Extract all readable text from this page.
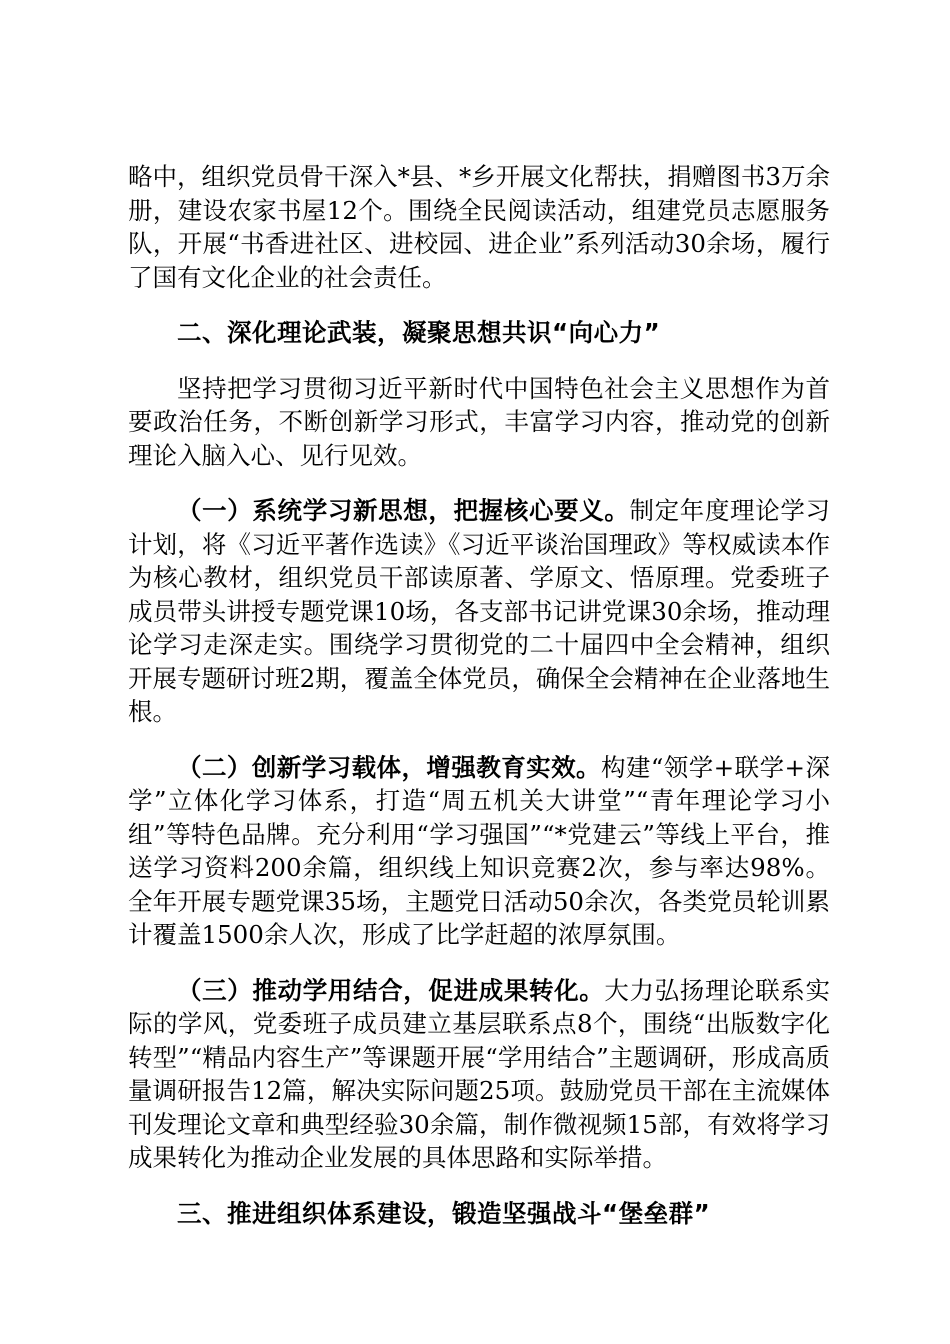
略中，组织党员骨干深入*县、*乡开展文化帮扶，捐赠图书3万余册，建设农家书屋12个。围绕全民阅读活动，组建党员志愿服务队，开展“书香进社区、进校园、进企业”系列活动30余场，履行了国有文化企业的社会责任。

二、深化理论武装，凝聚思想共识“向心力”

坚持把学习贯彻习近平新时代中国特色社会主义思想作为首要政治任务，不断创新学习形式，丰富学习内容，推动党的创新理论入脑入心、见行见效。

（一）系统学习新思想，把握核心要义。制定年度理论学习计划，将《习近平著作选读》《习近平谈治国理政》等权威读本作为核心教材，组织党员干部读原著、学原文、悟原理。党委班子成员带头讲授专题党课10场，各支部书记讲党课30余场，推动理论学习走深走实。围绕学习贯彻党的二十届四中全会精神，组织开展专题研讨班2期，覆盖全体党员，确保全会精神在企业落地生根。

（二）创新学习载体，增强教育实效。构建“领学+联学+深学”立体化学习体系，打造“周五机关大讲堂”“青年理论学习小组”等特色品牌。充分利用“学习强国”“*党建云”等线上平台，推送学习资料200余篇，组织线上知识竞赛2次，参与率达98%。全年开展专题党课35场，主题党日活动50余次，各类党员轮训累计覆盖1500余人次，形成了比学赶超的浓厚氛围。

（三）推动学用结合，促进成果转化。大力弘扬理论联系实际的学风，党委班子成员建立基层联系点8个，围绕“出版数字化转型”“精品内容生产”等课题开展“学用结合”主题调研，形成高质量调研报告12篇，解决实际问题25项。鼓励党员干部在主流媒体刊发理论文章和典型经验30余篇，制作微视频15部，有效将学习成果转化为推动企业发展的具体思路和实际举措。

三、推进组织体系建设，锻造坚强战斗“堡垒群”
